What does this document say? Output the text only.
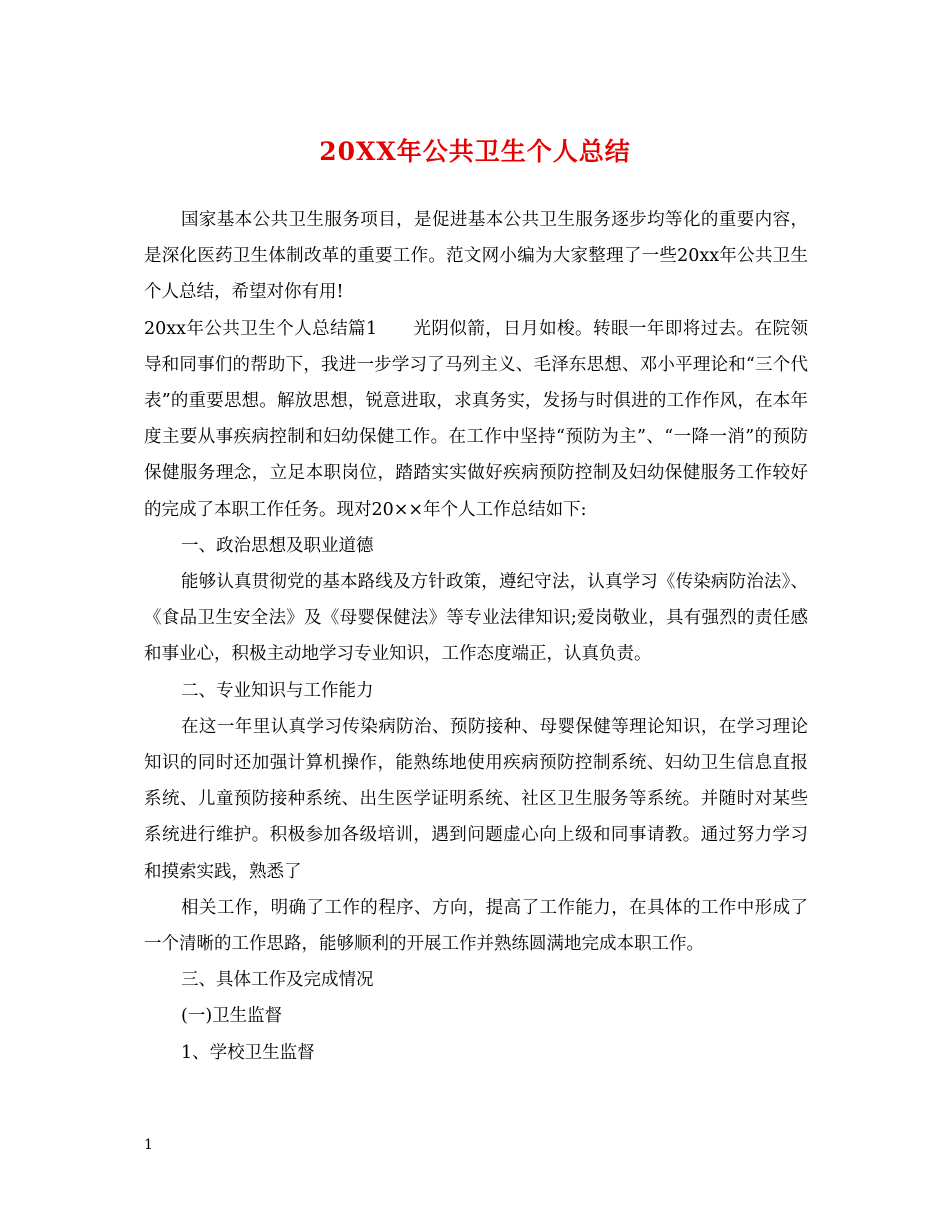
20XX年公共卫生个人总结

国家基本公共卫生服务项目，是促进基本公共卫生服务逐步均等化的重要内容，是深化医药卫生体制改革的重要工作。范文网小编为大家整理了一些20xx年公共卫生个人总结，希望对你有用!

20xx年公共卫生个人总结篇1　　光阴似箭，日月如梭。转眼一年即将过去。在院领导和同事们的帮助下，我进一步学习了马列主义、毛泽东思想、邓小平理论和“三个代表”的重要思想。解放思想，锐意进取，求真务实，发扬与时俱进的工作作风，在本年度主要从事疾病控制和妇幼保健工作。在工作中坚持“预防为主”、“一降一消”的预防保健服务理念，立足本职岗位，踏踏实实做好疾病预防控制及妇幼保健服务工作较好的完成了本职工作任务。现对20××年个人工作总结如下:

一、政治思想及职业道德

能够认真贯彻党的基本路线及方针政策，遵纪守法，认真学习《传染病防治法》、《食品卫生安全法》及《母婴保健法》等专业法律知识;爱岗敬业，具有强烈的责任感和事业心，积极主动地学习专业知识，工作态度端正，认真负责。

二、专业知识与工作能力

在这一年里认真学习传染病防治、预防接种、母婴保健等理论知识，在学习理论知识的同时还加强计算机操作，能熟练地使用疾病预防控制系统、妇幼卫生信息直报系统、儿童预防接种系统、出生医学证明系统、社区卫生服务等系统。并随时对某些系统进行维护。积极参加各级培训，遇到问题虚心向上级和同事请教。通过努力学习和摸索实践，熟悉了

相关工作，明确了工作的程序、方向，提高了工作能力，在具体的工作中形成了一个清晰的工作思路，能够顺利的开展工作并熟练圆满地完成本职工作。

三、具体工作及完成情况

(一)卫生监督

1、学校卫生监督

1
